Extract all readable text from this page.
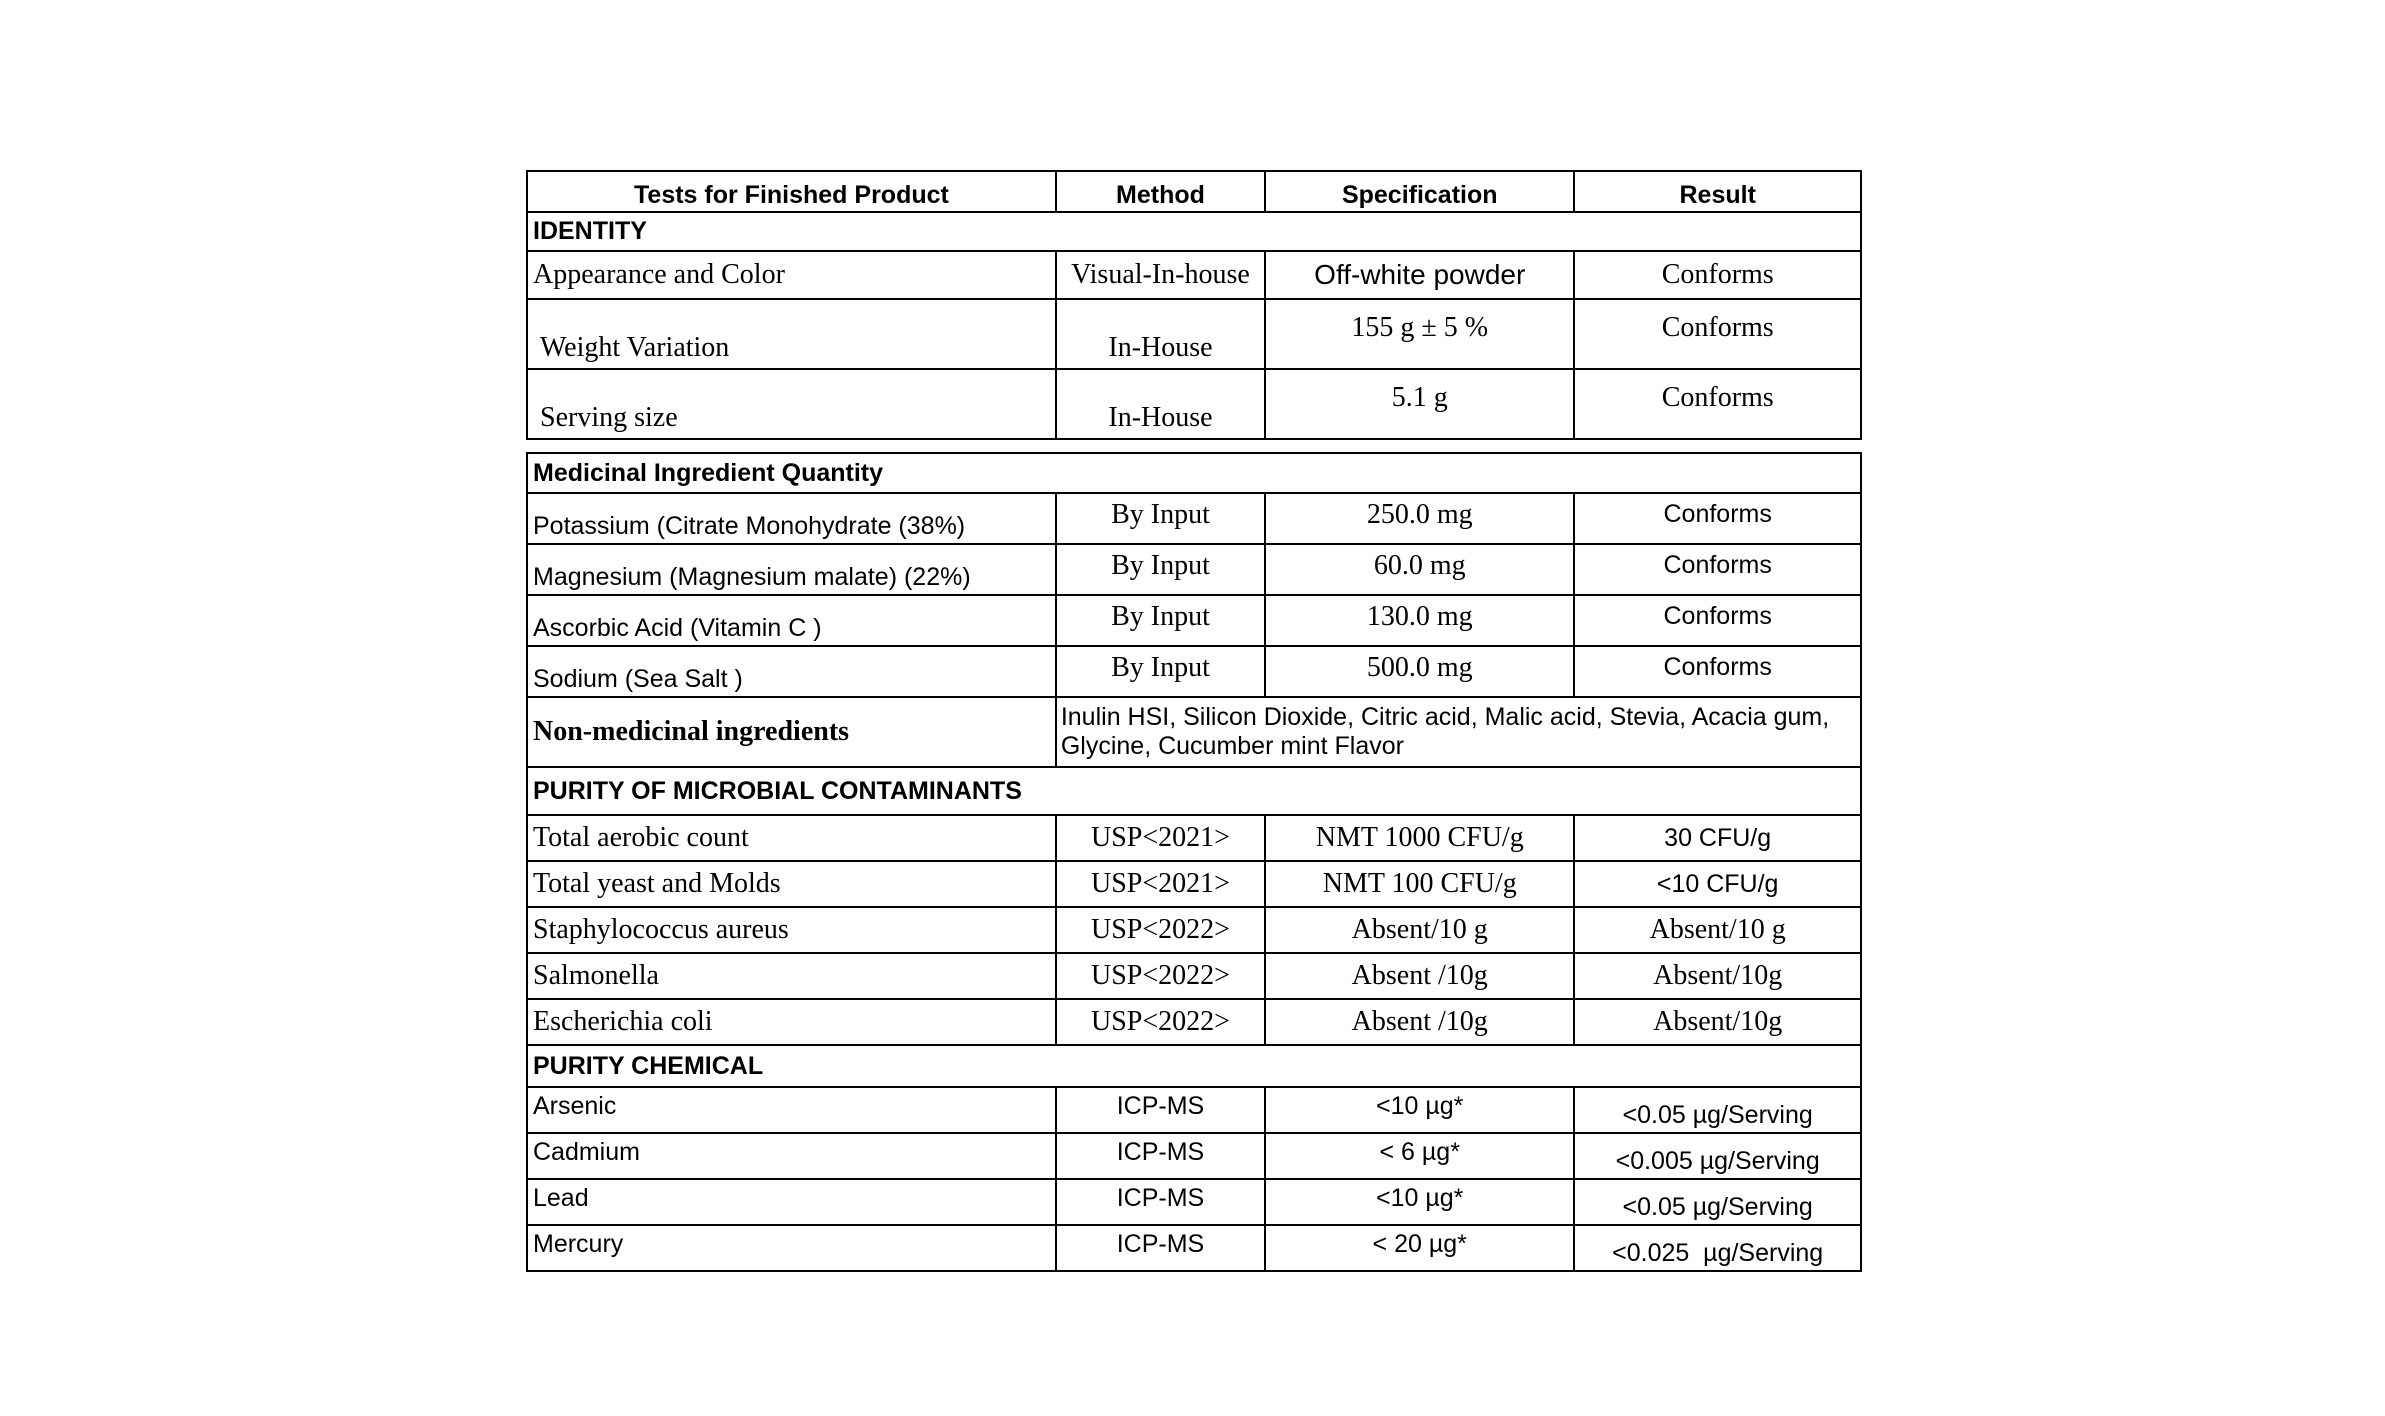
Tests for Finished Product	Method	Specification	Result
IDENTITY			
Appearance and Color	Visual-In-house	Off-white powder	Conforms
Weight Variation	In-House	155 g ± 5 %	Conforms
Serving size	In-House	5.1 g	Conforms
Medicinal Ingredient Quantity			
Potassium (Citrate Monohydrate (38%)	By Input	250.0 mg	Conforms
Magnesium (Magnesium malate) (22%)	By Input	60.0 mg	Conforms
Ascorbic Acid (Vitamin C )	By Input	130.0 mg	Conforms
Sodium (Sea Salt )	By Input	500.0 mg	Conforms
Non-medicinal ingredients	Inulin HSI, Silicon Dioxide, Citric acid, Malic acid, Stevia, Acacia gum, Glycine, Cucumber mint Flavor		
PURITY OF MICROBIAL CONTAMINANTS			
Total aerobic count	USP<2021>	NMT 1000 CFU/g	30 CFU/g
Total yeast and Molds	USP<2021>	NMT 100 CFU/g	<10 CFU/g
Staphylococcus aureus	USP<2022>	Absent/10 g	Absent/10 g
Salmonella	USP<2022>	Absent /10g	Absent/10g
Escherichia coli	USP<2022>	Absent /10g	Absent/10g
PURITY CHEMICAL			
Arsenic	ICP-MS	<10 µg*	<0.05 µg/Serving
Cadmium	ICP-MS	< 6 µg*	<0.005 µg/Serving
Lead	ICP-MS	<10 µg*	<0.05 µg/Serving
Mercury	ICP-MS	< 20 µg*	<0.025  µg/Serving
